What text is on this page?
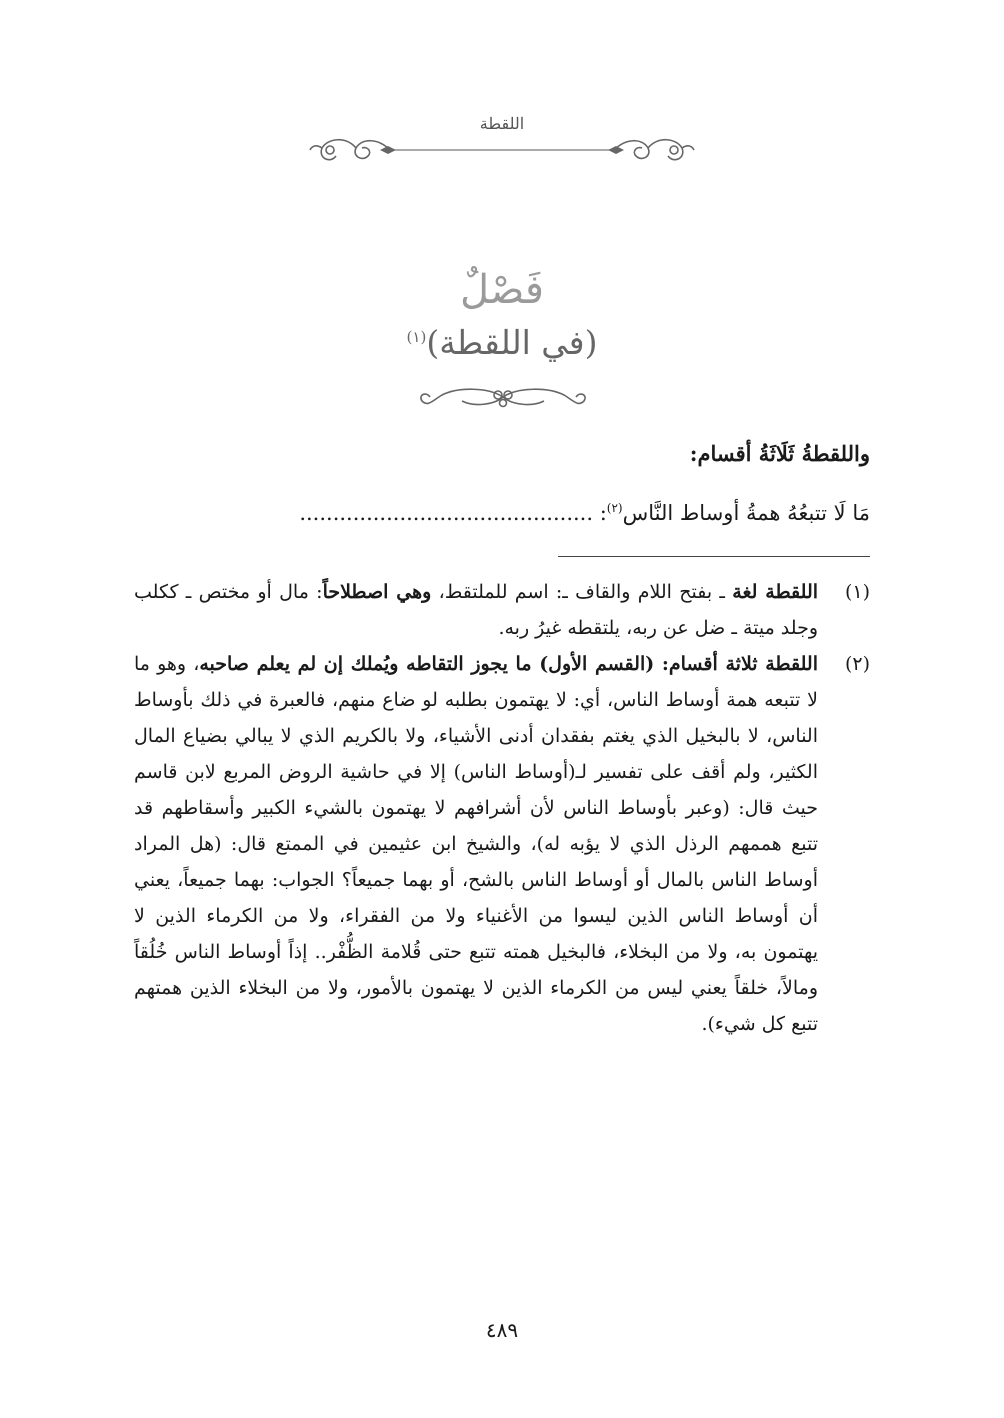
اللقطة
فَصْلٌ
(في اللقطة)$^{(١)}$
واللقطةُ ثَلَاثَةُ أقسام:
مَا لَا تتبعُهُ همةُ أوساط النَّاس$^{(٢)}$: ............................................
(١)
اللقطة لغة ـ بفتح اللام والقاف ـ: اسم للملتقط، وهي اصطلاحاً: مال أو مختص ـ ككلب وجلد ميتة ـ ضل عن ربه، يلتقطه غيرُ ربه.
(٢)
اللقطة ثلاثة أقسام: (القسم الأول) ما يجوز التقاطه ويُملك إن لم يعلم صاحبه، وهو ما لا تتبعه همة أوساط الناس، أي: لا يهتمون بطلبه لو ضاع منهم، فالعبرة في ذلك بأوساط الناس، لا بالبخيل الذي يغتم بفقدان أدنى الأشياء، ولا بالكريم الذي لا يبالي بضياع المال الكثير، ولم أقف على تفسير لـ(أوساط الناس) إلا في حاشية الروض المربع لابن قاسم حيث قال: (وعبر بأوساط الناس لأن أشرافهم لا يهتمون بالشيء الكبير وأسقاطهم قد تتبع هممهم الرذل الذي لا يؤبه له)، والشيخ ابن عثيمين في الممتع قال: (هل المراد أوساط الناس بالمال أو أوساط الناس بالشح، أو بهما جميعاً؟ الجواب: بهما جميعاً، يعني أن أوساط الناس الذين ليسوا من الأغنياء ولا من الفقراء، ولا من الكرماء الذين لا يهتمون به، ولا من البخلاء، فالبخيل همته تتبع حتى قُلامة الظُّفْر.. إذاً أوساط الناس خُلُقاً ومالاً، خلقاً يعني ليس من الكرماء الذين لا يهتمون بالأمور، ولا من البخلاء الذين همتهم تتبع كل شيء).
٤٨٩
